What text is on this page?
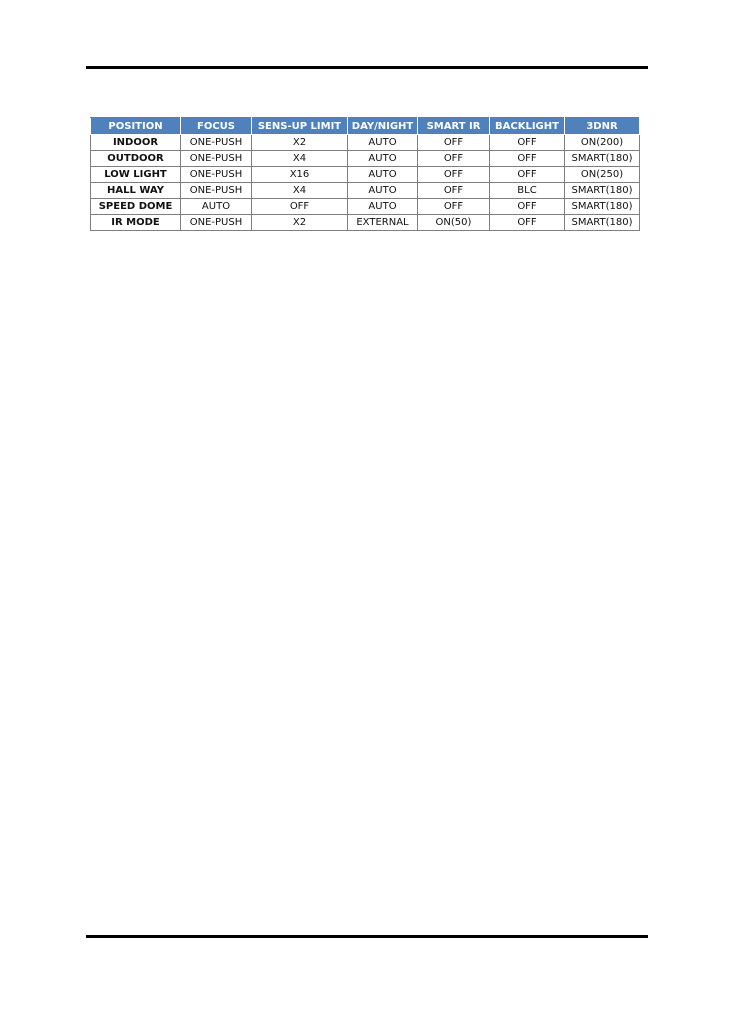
POSITION	FOCUS	SENS-UP LIMIT	DAY/NIGHT	SMART IR	BACKLIGHT	3DNR
INDOOR	ONE-PUSH	X2	AUTO	OFF	OFF	ON(200)
OUTDOOR	ONE-PUSH	X4	AUTO	OFF	OFF	SMART(180)
LOW LIGHT	ONE-PUSH	X16	AUTO	OFF	OFF	ON(250)
HALL WAY	ONE-PUSH	X4	AUTO	OFF	BLC	SMART(180)
SPEED DOME	AUTO	OFF	AUTO	OFF	OFF	SMART(180)
IR MODE	ONE-PUSH	X2	EXTERNAL	ON(50)	OFF	SMART(180)
